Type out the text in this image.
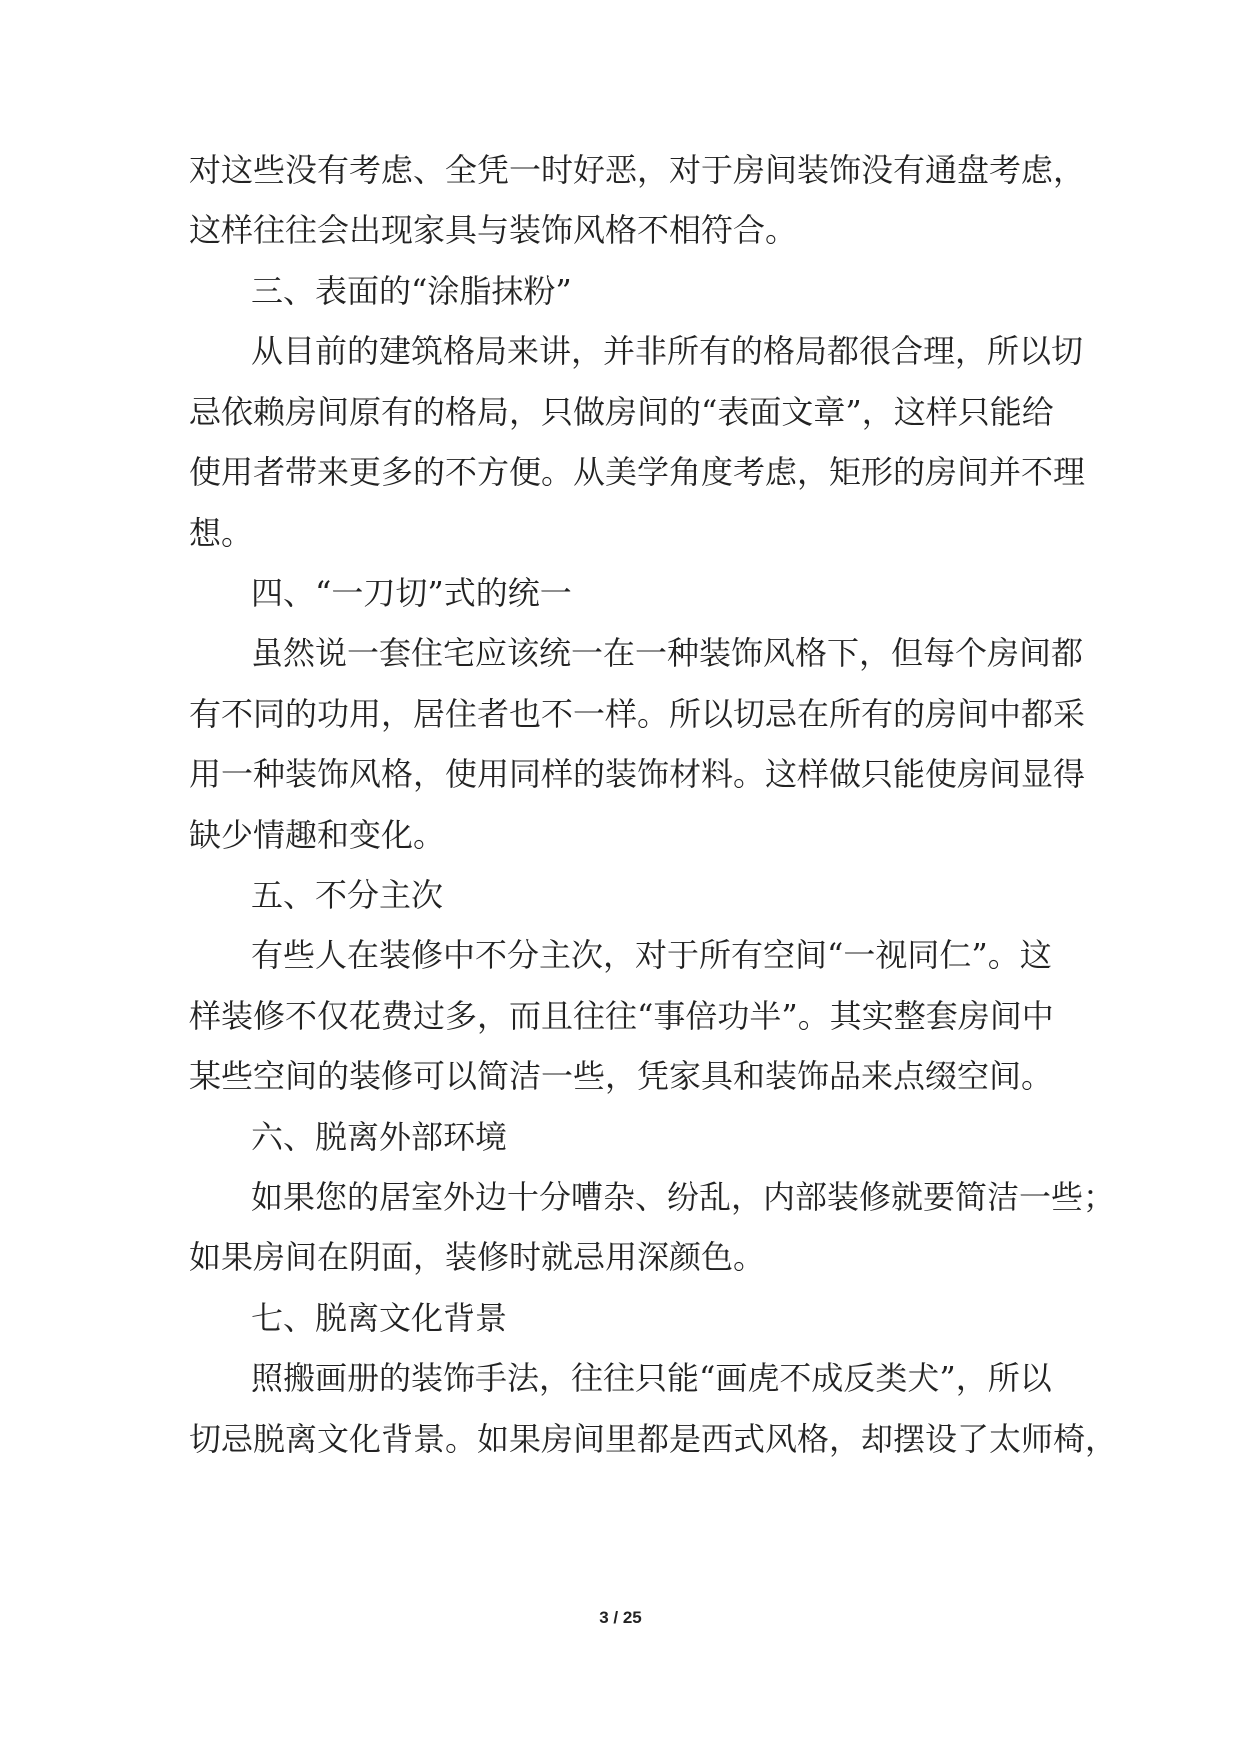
对这些没有考虑、全凭一时好恶，对于房间装饰没有通盘考虑，
这样往往会出现家具与装饰风格不相符合。
三、表面的“涂脂抹粉”
从目前的建筑格局来讲，并非所有的格局都很合理，所以切
忌依赖房间原有的格局，只做房间的“表面文章”，这样只能给
使用者带来更多的不方便。从美学角度考虑，矩形的房间并不理
想。
四、“一刀切”式的统一
虽然说一套住宅应该统一在一种装饰风格下，但每个房间都
有不同的功用，居住者也不一样。所以切忌在所有的房间中都采
用一种装饰风格，使用同样的装饰材料。这样做只能使房间显得
缺少情趣和变化。
五、不分主次
有些人在装修中不分主次，对于所有空间“一视同仁”。这
样装修不仅花费过多，而且往往“事倍功半”。其实整套房间中
某些空间的装修可以简洁一些，凭家具和装饰品来点缀空间。
六、脱离外部环境
如果您的居室外边十分嘈杂、纷乱，内部装修就要简洁一些；
如果房间在阴面，装修时就忌用深颜色。
七、脱离文化背景
照搬画册的装饰手法，往往只能“画虎不成反类犬”，所以
切忌脱离文化背景。如果房间里都是西式风格，却摆设了太师椅，
3 / 25
